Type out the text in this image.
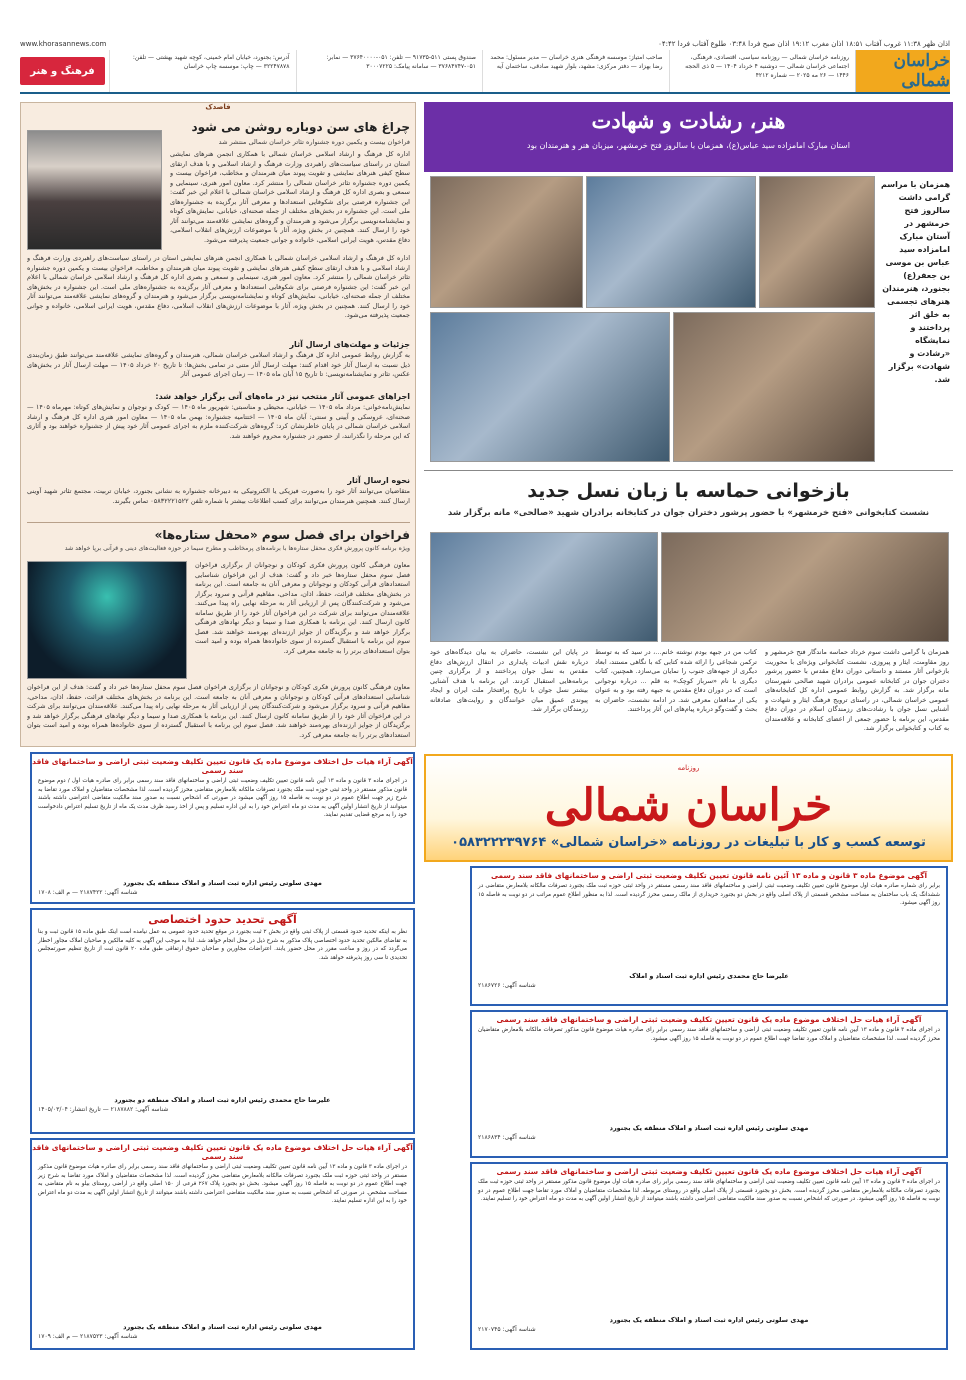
www.khorasannews.com	اذان ظهر ۱۱:۳۸ غروب آفتاب ۱۸:۵۱ اذان مغرب ۱۹:۱۲ اذان صبح فردا ۰۳:۴۸ طلوع آفتاب فردا ۰۴:۴۲
خراسان شمالی
روزنامه خراسان شمالی — روزنامه سیاسی، اقتصادی، فرهنگی، اجتماعی خراسان شمالی — دوشنبه ۴ خرداد ۱۴۰۴ — ۵ ذی الحجه ۱۴۴۶ — ۲۶ مه ۲۰۲۵ — شماره ۴۲۱۲
صاحب امتیاز: موسسه فرهنگی هنری خراسان — مدیر مسئول: محمد رضا بهزاد — دفتر مرکزی: مشهد، بلوار شهید صادقی، ساختمان آیه
صندوق پستی ۵۱۱-۹۱۷۳۵ — تلفن: ۰۵۱-۳۷۶۴۰۰۰۰ — نمابر: ۰۵۱-۳۷۶۸۴۷۴۷ — سامانه پیامک: ۳۰۰۰۷۲۲۵
آدرس: بجنورد، خیابان امام خمینی، کوچه شهید بهشتی — تلفن: ۳۲۲۴۷۸۷۸ — چاپ: موسسه چاپ خراسان
فرهنگ و هنر
هنر، رشادت و شهادت

استان مبارک امامزاده سید عباس(ع)، همزمان با سالروز فتح خرمشهر، میزبان هنر و هنرمندان بود

همزمان با مراسم گرامی داشت سالروز فتح خرمشهر در آستان مبارک امامزاده سید عباس بن موسی بن جعفر(ع) بجنورد، هنرمندان هنرهای تجسمی به خلق اثر پرداختند و نمایشگاه «رشادت و شهادت» برگزار شد.
بازخوانی حماسه با زبان نسل جدید
نشست کتابخوانی «فتح خرمشهر» با حضور پرشور دختران جوان در کتابخانه برادران شهید «صالحی» مانه برگزار شد
همزمان با گرامی داشت سوم خرداد حماسه ماندگار فتح خرمشهر و روز مقاومت، ایثار و پیروزی، نشست کتابخوانی ویژه‌ای با محوریت بازخوانی آثار مستند و داستانی دوران دفاع مقدس با حضور پرشور دختران جوان در کتابخانه عمومی برادران شهید صالحی شهرستان مانه برگزار شد. به گزارش روابط عمومی اداره کل کتابخانه‌های عمومی خراسان شمالی، در راستای ترویج فرهنگ ایثار و شهادت و آشنایی نسل جوان با رشادت‌های رزمندگان اسلام در دوران دفاع مقدس، این برنامه با حضور جمعی از اعضای کتابخانه و علاقه‌مندان به کتاب و کتابخوانی برگزار شد.
کتاب من در جبهه بودم نوشته خانم...، در سید که به توسط ترکمن شجاعی را ارائه شده کتابی که با نگاهی مستند، ابعاد دیگری از جبهه‌های جنوب را نمایان می‌سازد. همچنین، کتاب دیگری با نام «سرباز کوچک» به قلم ... درباره نوجوانی است که در دوران دفاع مقدس به جبهه رفته بود و به عنوان یکی از مدافعان معرفی شد. در ادامه نشست، حاضران به بحث و گفت‌وگو درباره پیام‌های این آثار پرداختند.
در پایان این نشست، حاضران به بیان دیدگاه‌های خود درباره نقش ادبیات پایداری در انتقال ارزش‌های دفاع مقدس به نسل جوان پرداختند و از برگزاری چنین برنامه‌هایی استقبال کردند. این برنامه با هدف آشنایی بیشتر نسل جوان با تاریخ پرافتخار ملت ایران و ایجاد پیوندی عمیق میان خوانندگان و روایت‌های صادقانه رزمندگان برگزار شد.
فاصدک
چراغ های سن دوباره روشن می شود
فراخوان بیست و یکمین دوره جشنواره تئاتر خراسان شمالی منتشر شد
اداره کل فرهنگ و ارشاد اسلامی خراسان شمالی با همکاری انجمن هنرهای نمایشی استان در راستای سیاست‌های راهبردی وزارت فرهنگ و ارشاد اسلامی و با هدف ارتقای سطح کیفی هنرهای نمایشی و تقویت پیوند میان هنرمندان و مخاطب، فراخوان بیست و یکمین دوره جشنواره تئاتر خراسان شمالی را منتشر کرد. معاون امور هنری، سینمایی و سمعی و بصری اداره کل فرهنگ و ارشاد اسلامی خراسان شمالی با اعلام این خبر گفت: این جشنواره فرصتی برای شکوفایی استعدادها و معرفی آثار برگزیده به جشنواره‌های ملی است. این جشنواره در بخش‌های مختلف از جمله صحنه‌ای، خیابانی، نمایش‌های کوتاه و نمایشنامه‌نویسی برگزار می‌شود و هنرمندان و گروه‌های نمایشی علاقه‌مند می‌توانند آثار خود را ارسال کنند. همچنین در بخش ویژه، آثار با موضوعات ارزش‌های انقلاب اسلامی، دفاع مقدس، هویت ایرانی اسلامی، خانواده و جوانی جمعیت پذیرفته می‌شود.
اداره کل فرهنگ و ارشاد اسلامی خراسان شمالی با همکاری انجمن هنرهای نمایشی استان در راستای سیاست‌های راهبردی وزارت فرهنگ و ارشاد اسلامی و با هدف ارتقای سطح کیفی هنرهای نمایشی و تقویت پیوند میان هنرمندان و مخاطب، فراخوان بیست و یکمین دوره جشنواره تئاتر خراسان شمالی را منتشر کرد. معاون امور هنری، سینمایی و سمعی و بصری اداره کل فرهنگ و ارشاد اسلامی خراسان شمالی با اعلام این خبر گفت: این جشنواره فرصتی برای شکوفایی استعدادها و معرفی آثار برگزیده به جشنواره‌های ملی است. این جشنواره در بخش‌های مختلف از جمله صحنه‌ای، خیابانی، نمایش‌های کوتاه و نمایشنامه‌نویسی برگزار می‌شود و هنرمندان و گروه‌های نمایشی علاقه‌مند می‌توانند آثار خود را ارسال کنند. همچنین در بخش ویژه، آثار با موضوعات ارزش‌های انقلاب اسلامی، دفاع مقدس، هویت ایرانی اسلامی، خانواده و جوانی جمعیت پذیرفته می‌شود.
جزئیات و مهلت‌های ارسال آثار
به گزارش روابط عمومی اداره کل فرهنگ و ارشاد اسلامی خراسان شمالی، هنرمندان و گروه‌های نمایشی علاقه‌مند می‌توانند طبق زمان‌بندی ذیل نسبت به ارسال آثار خود اقدام کنند: مهلت ارسال آثار متنی در تمامی بخش‌ها: تا تاریخ ۲۰ خرداد ۱۴۰۵ — مهلت ارسال آثار در بخش‌های عکس، تئاتر و نمایشنامه‌نویسی: تا تاریخ ۱۵ آبان ماه ۱۴۰۵ — زمان اجرای عمومی آثار
اجراهای عمومی آثار منتخب نیز در ماه‌های آتی برگزار خواهد شد:
نمایش‌نامه‌خوانی: مرداد ماه ۱۴۰۵ — خیابانی، محیطی و مناسبتی: شهریور ماه ۱۴۰۵ — کودک و نوجوان و نمایش‌های کوتاه: مهرماه ۱۴۰۵ — صحنه‌ای، عروسکی و آیینی و سنتی: آبان ماه ۱۴۰۵ — اختتامیه جشنواره: بهمن ماه ۱۴۰۵ — معاون امور هنری اداره کل فرهنگ و ارشاد اسلامی خراسان شمالی در پایان خاطرنشان کرد: گروه‌های شرکت‌کننده ملزم به اجرای عمومی آثار خود پیش از جشنواره خواهند بود و آثاری که این مرحله را نگذرانند، از حضور در جشنواره محروم خواهند شد.
نحوه ارسال آثار
متقاضیان می‌توانند آثار خود را به‌صورت فیزیکی یا الکترونیکی به دبیرخانه جشنواره به نشانی بجنورد، خیابان تربیت، مجتمع تئاتر شهید آوینی ارسال کنند. همچنین هنرمندان می‌توانند برای کسب اطلاعات بیشتر با شماره تلفن ۰۵۸۳۲۲۲۱۵۲۲ تماس بگیرند.
فراخوان برای فصل سوم «محفل ستاره‌ها»
ویژه برنامه کانون پرورش فکری محفل ستاره‌ها با برنامه‌های پرمخاطب و مطرح سیما در حوزه فعالیت‌های دینی و قرآنی برپا خواهد شد
معاون فرهنگی کانون پرورش فکری کودکان و نوجوانان از برگزاری فراخوان فصل سوم محفل ستاره‌ها خبر داد و گفت: هدف از این فراخوان شناسایی استعدادهای قرآنی کودکان و نوجوانان و معرفی آنان به جامعه است. این برنامه در بخش‌های مختلف قرائت، حفظ، اذان، مداحی، مفاهیم قرآنی و سرود برگزار می‌شود و شرکت‌کنندگان پس از ارزیابی آثار به مرحله نهایی راه پیدا می‌کنند. علاقه‌مندان می‌توانند برای شرکت در این فراخوان آثار خود را از طریق سامانه کانون ارسال کنند. این برنامه با همکاری صدا و سیما و دیگر نهادهای فرهنگی برگزار خواهد شد و برگزیدگان از جوایز ارزنده‌ای بهره‌مند خواهند شد. فصل سوم این برنامه با استقبال گسترده از سوی خانواده‌ها همراه بوده و امید است بتوان استعدادهای برتر را به جامعه معرفی کرد.
معاون فرهنگی کانون پرورش فکری کودکان و نوجوانان از برگزاری فراخوان فصل سوم محفل ستاره‌ها خبر داد و گفت: هدف از این فراخوان شناسایی استعدادهای قرآنی کودکان و نوجوانان و معرفی آنان به جامعه است. این برنامه در بخش‌های مختلف قرائت، حفظ، اذان، مداحی، مفاهیم قرآنی و سرود برگزار می‌شود و شرکت‌کنندگان پس از ارزیابی آثار به مرحله نهایی راه پیدا می‌کنند. علاقه‌مندان می‌توانند برای شرکت در این فراخوان آثار خود را از طریق سامانه کانون ارسال کنند. این برنامه با همکاری صدا و سیما و دیگر نهادهای فرهنگی برگزار خواهد شد و برگزیدگان از جوایز ارزنده‌ای بهره‌مند خواهند شد. فصل سوم این برنامه با استقبال گسترده از سوی خانواده‌ها همراه بوده و امید است بتوان استعدادهای برتر را به جامعه معرفی کرد.
روزنامه
خراسان شمالی
توسعه کسب و کار با تبلیغات در روزنامه «خراسان شمالی» ۰۵۸۳۲۲۲۳۹۷۶۴
آگهی آراء هیات حل اختلاف موضوع ماده یک قانون تعیین تکلیف وضعیت ثبتی اراضی و ساختمانهای فاقد سند رسمی
در اجرای ماده ۳ قانون و ماده ۱۳ آیین نامه قانون تعیین تکلیف وضعیت ثبتی اراضی و ساختمانهای فاقد سند رسمی برابر رای صادره هیات اول / دوم موضوع قانون مذکور مستقر در واحد ثبتی حوزه ثبت ملک بجنورد تصرفات مالکانه بلامعارض متقاضی محرز گردیده است. لذا مشخصات متقاضیان و املاک مورد تقاضا به شرح زیر جهت اطلاع عموم در دو نوبت به فاصله ۱۵ روز آگهی میشود در صورتی که اشخاص نسبت به صدور سند مالکیت متقاضی اعتراضی داشته باشند میتوانند از تاریخ انتشار اولین آگهی به مدت دو ماه اعتراض خود را به این اداره تسلیم و پس از اخذ رسید ظرف مدت یک ماه از تاریخ تسلیم اعتراض دادخواست خود را به مرجع قضایی تقدیم نمایند.
مهدی سلوتی رئیس اداره ثبت اسناد و املاک منطقه یک بجنورد
شناسه آگهی: ۲۱۸۷۴۲۲ — م الف: ۱۷۰۸
آگهی تحدید حدود اختصاصی
نظر به اینکه تحدید حدود قسمتی از پلاک ثبتی واقع در بخش ۲ ثبت بجنورد در موقع تحدید حدود عمومی به عمل نیامده است اینک طبق ماده ۱۵ قانون ثبت و بنا به تقاضای مالکین تحدید حدود اختصاصی پلاک مذکور به شرح ذیل در محل انجام خواهد شد. لذا به موجب این آگهی به کلیه مالکین و صاحبان املاک مجاور اخطار می‌گردد که در روز و ساعت مقرر در محل حضور یابند. اعتراضات مجاورین و صاحبان حقوق ارتفاقی طبق ماده ۲۰ قانون ثبت از تاریخ تنظیم صورتمجلس تحدیدی تا سی روز پذیرفته خواهد شد.
علیرضا حاج محمدی رئیس اداره ثبت اسناد و املاک منطقه دو بجنورد
شناسه آگهی: ۲۱۸۷۸۸۲ — تاریخ انتشار: ۱۴۰۵/۰۳/۰۴
آگهی آراء هیات حل اختلاف موضوع ماده یک قانون تعیین تکلیف وضعیت ثبتی اراضی و ساختمانهای فاقد سند رسمی
در اجرای ماده ۳ قانون و ماده ۱۳ آیین نامه قانون تعیین تکلیف وضعیت ثبتی اراضی و ساختمانهای فاقد سند رسمی برابر رای صادره هیات موضوع قانون مذکور مستقر در واحد ثبتی حوزه ثبت ملک بجنورد تصرفات مالکانه بلامعارض متقاضی محرز گردیده است. لذا مشخصات متقاضیان و املاک مورد تقاضا به شرح زیر جهت اطلاع عموم در دو نوبت به فاصله ۱۵ روز آگهی میشود. بخش دو بجنورد پلاک ۲۶۷ فرعی از ۱۵۰ اصلی واقع در اراضی روستای بیلو به نام متقاضی به مساحت مشخص. در صورتی که اشخاص نسبت به صدور سند مالکیت متقاضی اعتراضی داشته باشند میتوانند از تاریخ انتشار اولین آگهی به مدت دو ماه اعتراض خود را به این اداره تسلیم نمایند.
مهدی سلوتی رئیس اداره ثبت اسناد و املاک منطقه یک بجنورد
شناسه آگهی: ۲۱۸۷۵۲۳ — م الف: ۱۷۰۹
آگهی موضوع ماده ۳ قانون و ماده ۱۳ آئین نامه قانون تعیین تکلیف وضعیت ثبتی اراضی و ساختمانهای فاقد سند رسمی
برابر رای شماره صادره هیات اول موضوع قانون تعیین تکلیف وضعیت ثبتی اراضی و ساختمانهای فاقد سند رسمی مستقر در واحد ثبتی حوزه ثبت ملک بجنورد تصرفات مالکانه بلامعارض متقاضی در ششدانگ یک باب ساختمان به مساحت مشخص قسمتی از پلاک اصلی واقع در بخش دو بجنورد خریداری از مالک رسمی محرز گردیده است. لذا به منظور اطلاع عموم مراتب در دو نوبت به فاصله ۱۵ روز آگهی میشود.
علیرضا حاج محمدی رئیس اداره ثبت اسناد و املاک
شناسه آگهی: ۲۱۸۶۷۲۶
آگهی آراء هیات حل اختلاف موضوع ماده یک قانون تعیین تکلیف وضعیت ثبتی اراضی و ساختمانهای فاقد سند رسمی
در اجرای ماده ۳ قانون و ماده ۱۳ آیین نامه قانون تعیین تکلیف وضعیت ثبتی اراضی و ساختمانهای فاقد سند رسمی برابر رای صادره هیات موضوع قانون مذکور تصرفات مالکانه بلامعارض متقاضیان محرز گردیده است. لذا مشخصات متقاضیان و املاک مورد تقاضا جهت اطلاع عموم در دو نوبت به فاصله ۱۵ روز آگهی میشود.
مهدی سلوتی رئیس اداره ثبت اسناد و املاک منطقه یک بجنورد
شناسه آگهی: ۲۱۸۶۸۳۴
آگهی آراء هیات حل اختلاف موضوع ماده یک قانون تعیین تکلیف وضعیت ثبتی اراضی و ساختمانهای فاقد سند رسمی
در اجرای ماده ۳ قانون و ماده ۱۳ آیین نامه قانون تعیین تکلیف وضعیت ثبتی اراضی و ساختمانهای فاقد سند رسمی برابر رای صادره هیات اول موضوع قانون مذکور مستقر در واحد ثبتی حوزه ثبت ملک بجنورد تصرفات مالکانه بلامعارض متقاضی محرز گردیده است. بخش دو بجنورد قسمتی از پلاک اصلی واقع در روستای مربوطه. لذا مشخصات متقاضیان و املاک مورد تقاضا جهت اطلاع عموم در دو نوبت به فاصله ۱۵ روز آگهی میشود. در صورتی که اشخاص نسبت به صدور سند مالکیت متقاضی اعتراضی داشته باشند میتوانند از تاریخ انتشار اولین آگهی به مدت دو ماه اعتراض خود را تسلیم نمایند.
مهدی سلوتی رئیس اداره ثبت اسناد و املاک منطقه یک بجنورد
شناسه آگهی: ۲۱۷۰۷۴۵
